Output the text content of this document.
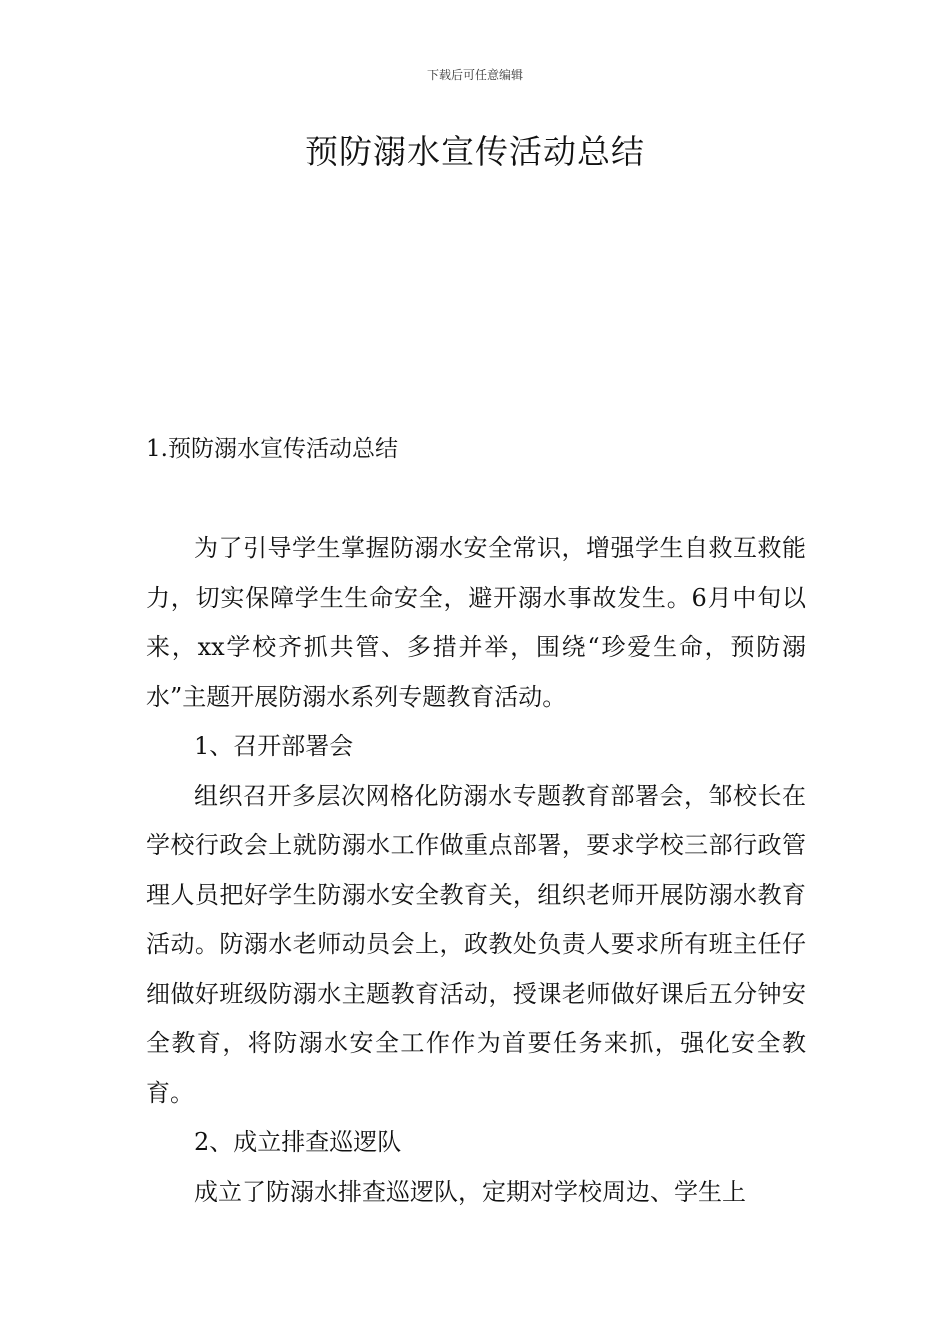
下载后可任意编辑
预防溺水宣传活动总结
1.预防溺水宣传活动总结

为了引导学生掌握防溺水安全常识，增强学生自救互救能力，切实保障学生生命安全，避开溺水事故发生。6月中旬以来，xx学校齐抓共管、多措并举，围绕“珍爱生命，预防溺水”主题开展防溺水系列专题教育活动。

1、召开部署会

组织召开多层次网格化防溺水专题教育部署会，邹校长在学校行政会上就防溺水工作做重点部署，要求学校三部行政管理人员把好学生防溺水安全教育关，组织老师开展防溺水教育活动。防溺水老师动员会上，政教处负责人要求所有班主任仔细做好班级防溺水主题教育活动，授课老师做好课后五分钟安全教育，将防溺水安全工作作为首要任务来抓，强化安全教育。

2、成立排查巡逻队

成立了防溺水排查巡逻队，定期对学校周边、学生上
